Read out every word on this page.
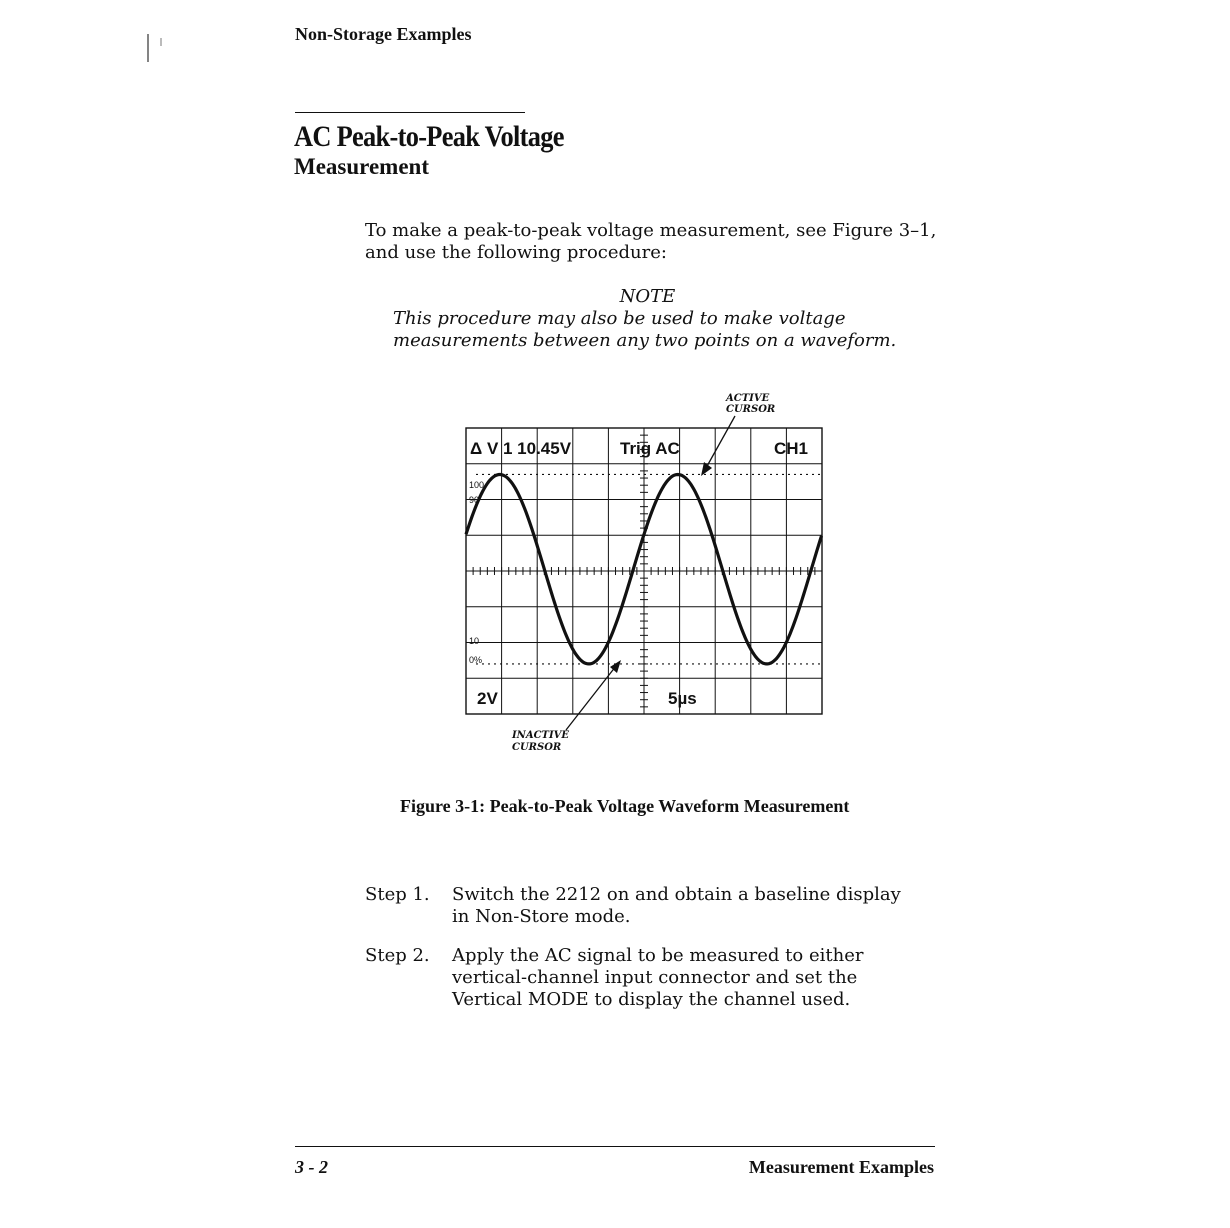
Non-Storage Examples
AC Peak-to-Peak Voltage
Measurement
To make a peak-to-peak voltage measurement, see Figure 3–1, and use the following procedure:
NOTE
This procedure may also be used to make voltage measurements between any two points on a waveform.
Δ V 1 10.45V	Trig AC	CH1
2V	5µs
100
90
10
0%
ACTIVE
CURSOR
INACTIVE
CURSOR
Figure 3-1: Peak-to-Peak Voltage Waveform Measurement
Step 1. Switch the 2212 on and obtain a baseline display in Non-Store mode.
Step 2. Apply the AC signal to be measured to either vertical-channel input connector and set the Vertical MODE to display the channel used.
3 - 2	Measurement Examples
